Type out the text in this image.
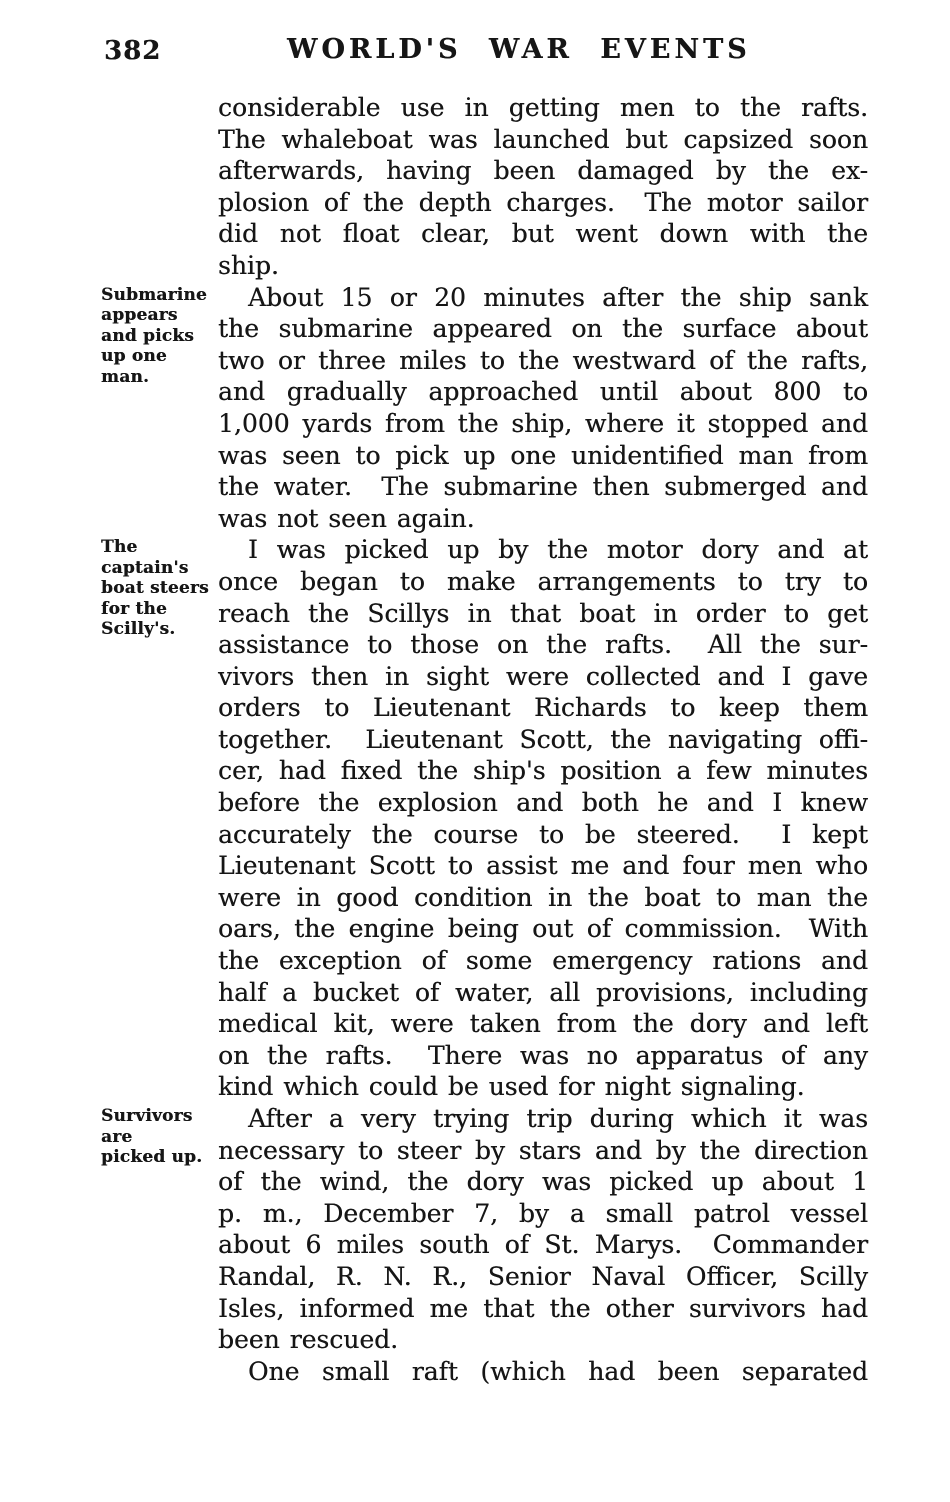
382	WORLD'S WAR EVENTS
considerable use in getting men to the rafts.
The whaleboat was launched but capsized soon
afterwards, having been damaged by the ex-
plosion of the depth charges.  The motor sailor
did not float clear, but went down with the
ship.
Submarine
appears
and picks
up one
man.
About 15 or 20 minutes after the ship sank
the submarine appeared on the surface about
two or three miles to the westward of the rafts,
and gradually approached until about 800 to
1,000 yards from the ship, where it stopped and
was seen to pick up one unidentified man from
the water.  The submarine then submerged and
was not seen again.
The
captain's
boat steers
for the
Scilly's.
I was picked up by the motor dory and at
once began to make arrangements to try to
reach the Scillys in that boat in order to get
assistance to those on the rafts.  All the sur-
vivors then in sight were collected and I gave
orders to Lieutenant Richards to keep them
together.  Lieutenant Scott, the navigating offi-
cer, had fixed the ship's position a few minutes
before the explosion and both he and I knew
accurately the course to be steered.  I kept
Lieutenant Scott to assist me and four men who
were in good condition in the boat to man the
oars, the engine being out of commission.  With
the exception of some emergency rations and
half a bucket of water, all provisions, including
medical kit, were taken from the dory and left
on the rafts.  There was no apparatus of any
kind which could be used for night signaling.
Survivors
are
picked up.
After a very trying trip during which it was
necessary to steer by stars and by the direction
of the wind, the dory was picked up about 1
p. m., December 7, by a small patrol vessel
about 6 miles south of St. Marys.  Commander
Randal, R. N. R., Senior Naval Officer, Scilly
Isles, informed me that the other survivors had
been rescued.
One small raft (which had been separated
